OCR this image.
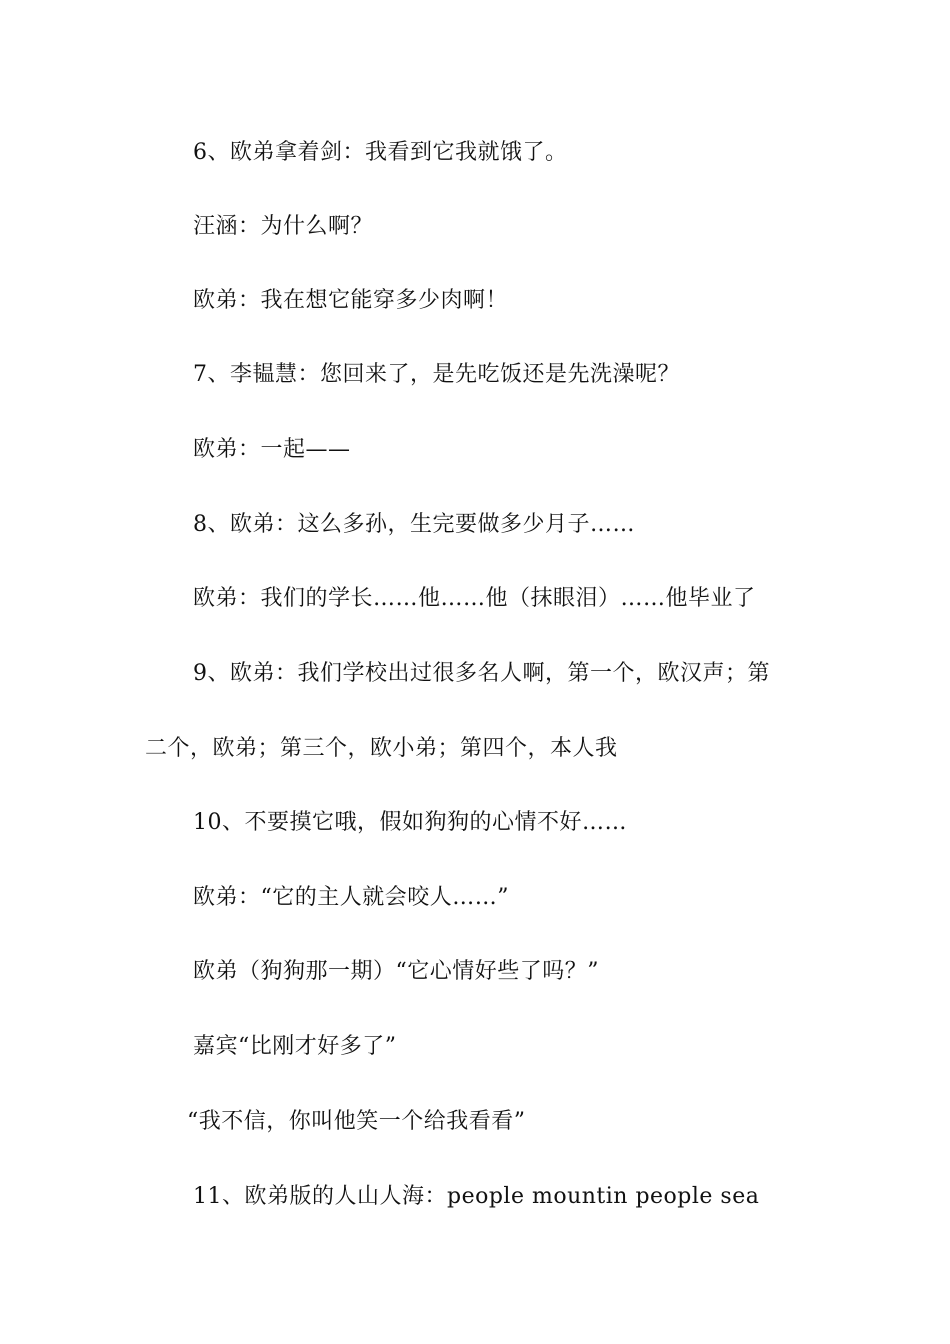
6、欧弟拿着剑：我看到它我就饿了。

汪涵：为什么啊？

欧弟：我在想它能穿多少肉啊！

7、李韫慧：您回来了，是先吃饭还是先洗澡呢？

欧弟：一起——

8、欧弟：这么多孙，生完要做多少月子……

欧弟：我们的学长……他……他（抹眼泪）……他毕业了

9、欧弟：我们学校出过很多名人啊，第一个，欧汉声；第

二个，欧弟；第三个，欧小弟；第四个，本人我

10、不要摸它哦，假如狗狗的心情不好……

欧弟：“它的主人就会咬人……”

欧弟（狗狗那一期）“它心情好些了吗？”

嘉宾“比刚才好多了”

“我不信，你叫他笑一个给我看看”

11、欧弟版的人山人海：people mountin people sea
